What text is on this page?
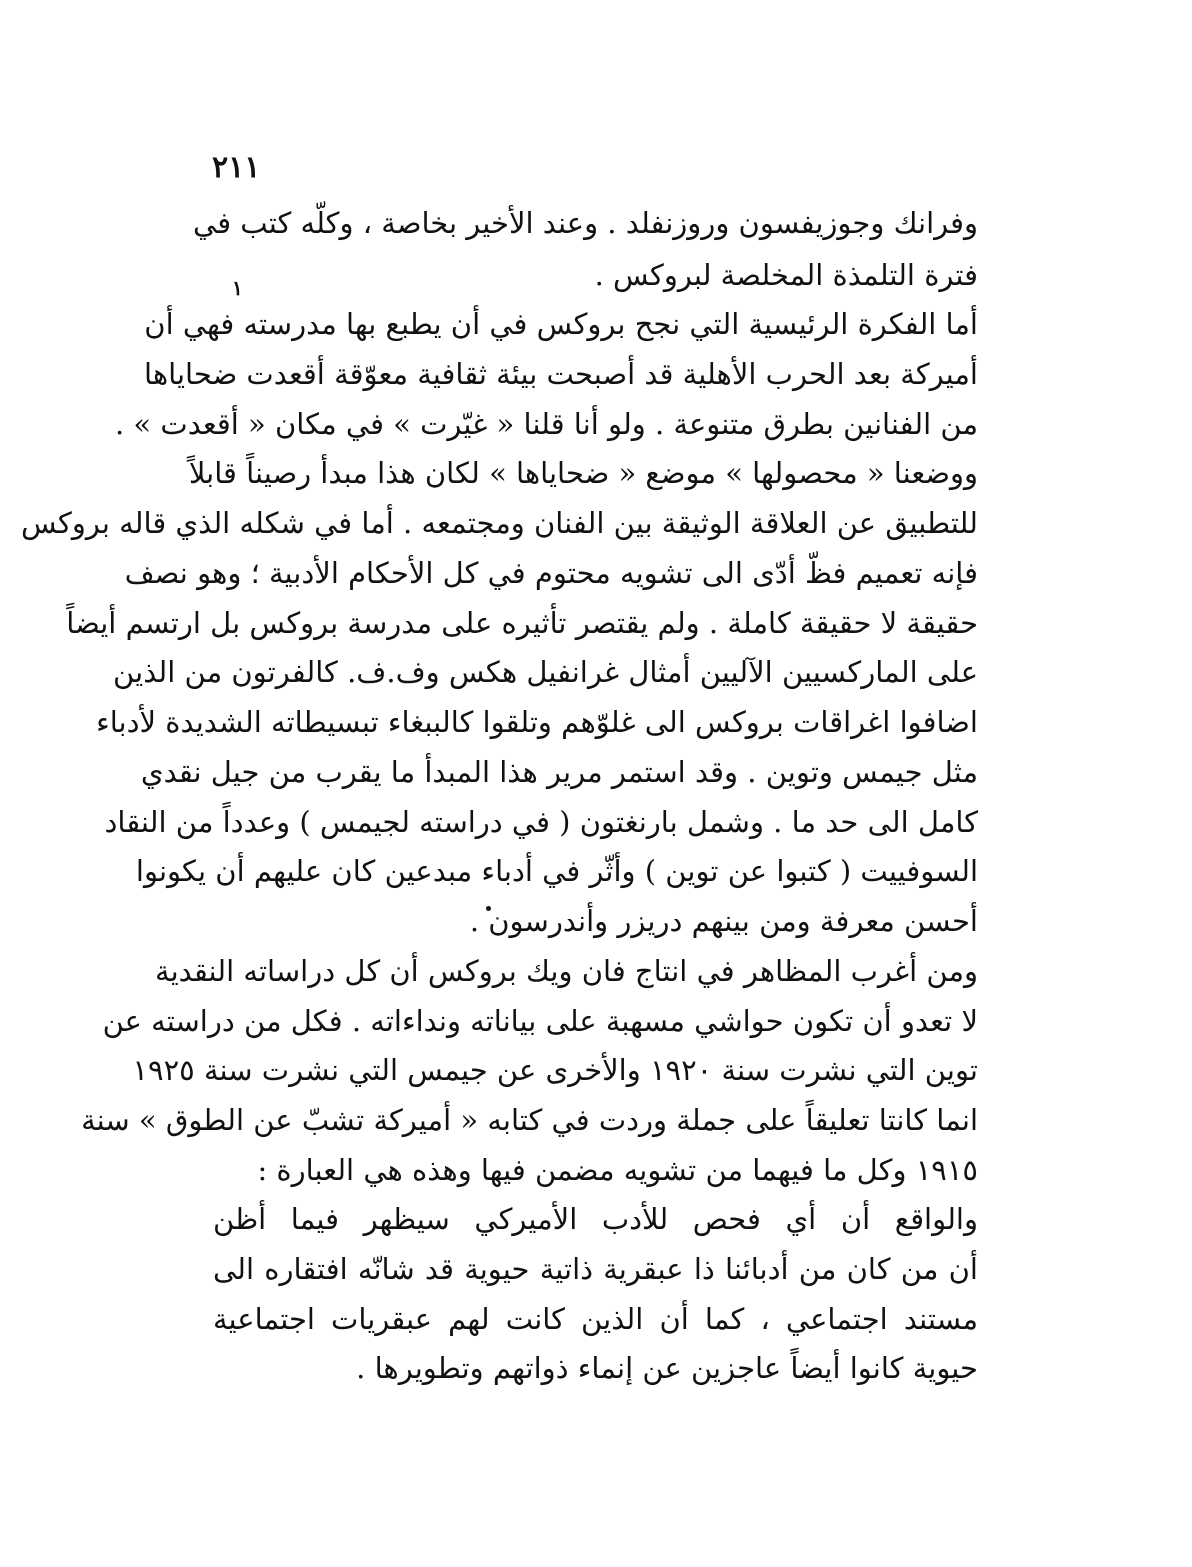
٢١١
١
وفرانك وجوزيفسون وروزنفلد . وعند الأخير بخاصة ، وكلّه كتب في
فترة التلمذة المخلصة لبروكس .
أما الفكرة الرئيسية التي نجح بروكس في أن يطبع بها مدرسته فهي أن
أميركة بعد الحرب الأهلية قد أصبحت بيئة ثقافية معوّقة أقعدت ضحاياها
من الفنانين بطرق متنوعة . ولو أنا قلنا « غيّرت » في مكان « أقعدت » .
ووضعنا « محصولها » موضع « ضحاياها » لكان هذا مبدأ رصيناً قابلاً
للتطبيق عن العلاقة الوثيقة بين الفنان ومجتمعه . أما في شكله الذي قاله بروكس
فإنه تعميم فظّ أدّى الى تشويه محتوم في كل الأحكام الأدبية ؛ وهو نصف
حقيقة لا حقيقة كاملة . ولم يقتصر تأثيره على مدرسة بروكس بل ارتسم أيضاً
على الماركسيين الآليين أمثال غرانفيل هكس وف.ف. كالفرتون من الذين
اضافوا اغراقات بروكس الى غلوّهم وتلقوا كالببغاء تبسيطاته الشديدة لأدباء
مثل جيمس وتوين . وقد استمر مرير هذا المبدأ ما يقرب من جيل نقدي
كامل الى حد ما . وشمل بارنغتون ( في دراسته لجيمس ) وعدداً من النقاد
السوفييت ( كتبوا عن توين ) وأثّر في أدباء مبدعين كان عليهم أن يكونوا
أحسن معرفة ومن بينهم دريزر وأندرسون .
ومن أغرب المظاهر في انتاج فان ويك بروكس أن كل دراساته النقدية
لا تعدو أن تكون حواشي مسهبة على بياناته ونداءاته . فكل من دراسته عن
توين التي نشرت سنة ١٩٢٠ والأخرى عن جيمس التي نشرت سنة ١٩٢٥
انما كانتا تعليقاً على جملة وردت في كتابه « أميركة تشبّ عن الطوق » سنة
١٩١٥ وكل ما فيهما من تشويه مضمن فيها وهذه هي العبارة :
والواقع أن أي فحص للأدب الأميركي سيظهر فيما أظن
أن من كان من أدبائنا ذا عبقرية ذاتية حيوية قد شانّه افتقاره الى
مستند اجتماعي ، كما أن الذين كانت لهم عبقريات اجتماعية
حيوية كانوا أيضاً عاجزين عن إنماء ذواتهم وتطويرها .
